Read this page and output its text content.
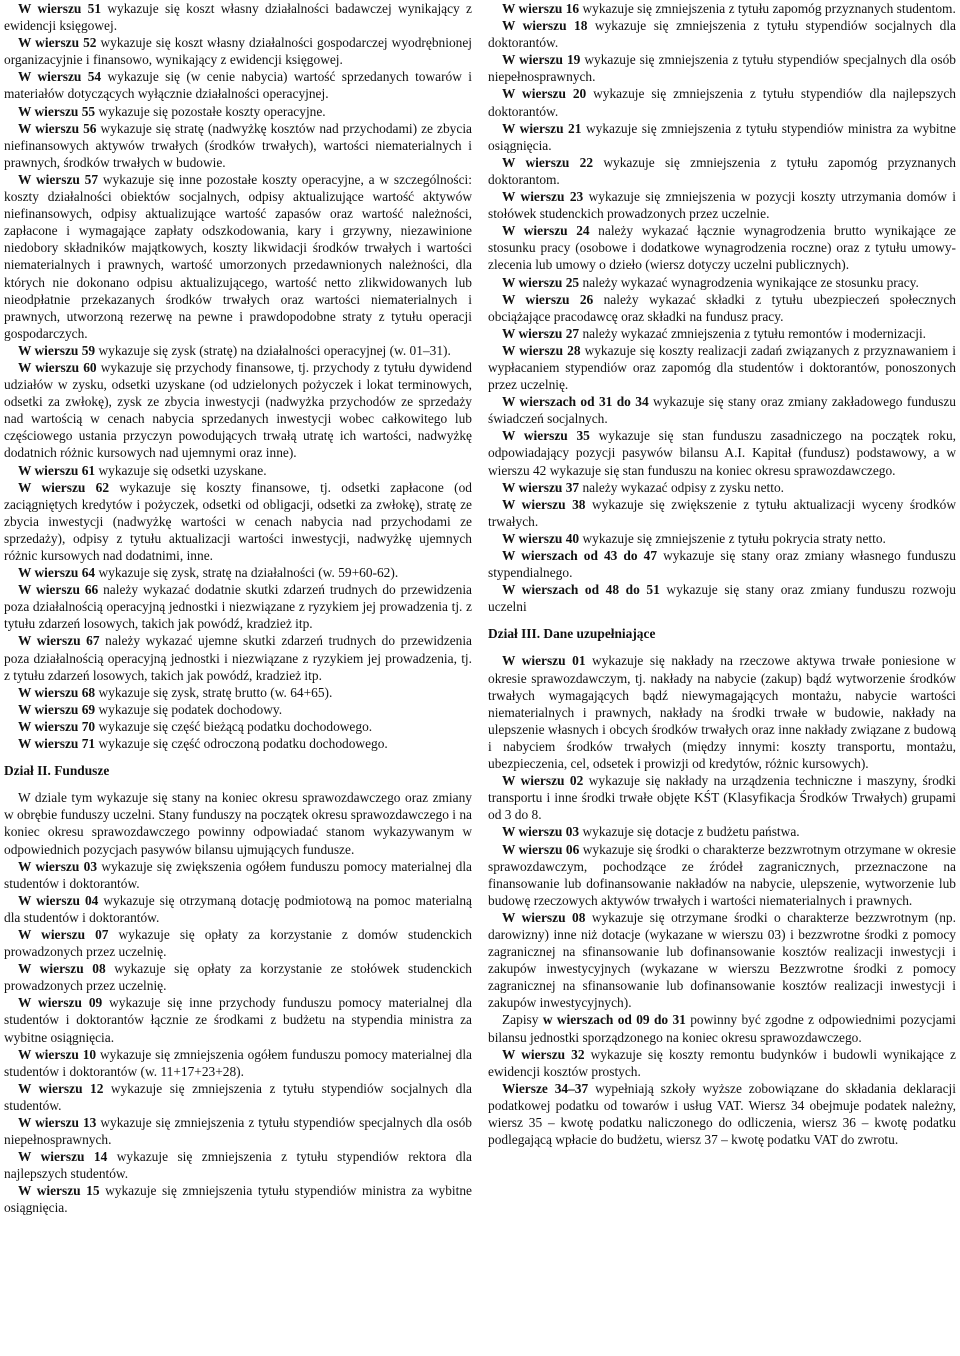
W wierszu 51 wykazuje się koszt własny działalności badawczej wynikający z ewidencji księgowej.

W wierszu 52 wykazuje się koszt własny działalności gospodarczej wyodrębnionej organizacyjnie i finansowo, wynikający z ewidencji księgowej.

W wierszu 54 wykazuje się (w cenie nabycia) wartość sprzedanych towarów i materiałów dotyczących wyłącznie działalności operacyjnej.

W wierszu 55 wykazuje się pozostałe koszty operacyjne.

W wierszu 56 wykazuje się stratę (nadwyżkę kosztów nad przychodami) ze zbycia niefinansowych aktywów trwałych (środków trwałych), wartości niematerialnych i prawnych, środków trwałych w budowie.

W wierszu 57 wykazuje się inne pozostałe koszty operacyjne, a w szczególności: koszty działalności obiektów socjalnych, odpisy aktualizujące wartość aktywów niefinansowych, odpisy aktualizujące wartość zapasów oraz wartość należności, zapłacone i wymagające zapłaty odszkodowania, kary i grzywny, niezawinione niedobory składników majątkowych, koszty likwidacji środków trwałych i wartości niematerialnych i prawnych, wartość umorzonych przedawnionych należności, dla których nie dokonano odpisu aktualizującego, wartość netto zlikwidowanych lub nieodpłatnie przekazanych środków trwałych oraz wartości niematerialnych i prawnych, utworzoną rezerwę na pewne i prawdopodobne straty z tytułu operacji gospodarczych.

W wierszu 59 wykazuje się zysk (stratę) na działalności operacyjnej (w. 01–31).

W wierszu 60 wykazuje się przychody finansowe, tj. przychody z tytułu dywidend udziałów w zysku, odsetki uzyskane (od udzielonych pożyczek i lokat terminowych, odsetki za zwłokę), zysk ze zbycia inwestycji (nadwyżka przychodów ze sprzedaży nad wartością w cenach nabycia sprzedanych inwestycji wobec całkowitego lub częściowego ustania przyczyn powodujących trwałą utratę ich wartości, nadwyżkę dodatnich różnic kursowych nad ujemnymi oraz inne).

W wierszu 61 wykazuje się odsetki uzyskane.

W wierszu 62 wykazuje się koszty finansowe, tj. odsetki zapłacone (od zaciągniętych kredytów i pożyczek, odsetki od obligacji, odsetki za zwłokę), stratę ze zbycia inwestycji (nadwyżkę wartości w cenach nabycia nad przychodami ze sprzedaży), odpisy z tytułu aktualizacji wartości inwestycji, nadwyżkę ujemnych różnic kursowych nad dodatnimi, inne.

W wierszu 64 wykazuje się zysk, stratę na działalności (w. 59+60-62).

W wierszu 66 należy wykazać dodatnie skutki zdarzeń trudnych do przewidzenia poza działalnością operacyjną jednostki i niezwiązane z ryzykiem jej prowadzenia tj. z tytułu zdarzeń losowych, takich jak powódź, kradzież itp.

W wierszu 67 należy wykazać ujemne skutki zdarzeń trudnych do przewidzenia poza działalnością operacyjną jednostki i niezwiązane z ryzykiem jej prowadzenia, tj. z tytułu zdarzeń losowych, takich jak powódź, kradzież itp.

W wierszu 68 wykazuje się zysk, stratę brutto (w. 64+65).

W wierszu 69 wykazuje się podatek dochodowy.

W wierszu 70 wykazuje się część bieżącą podatku dochodowego.

W wierszu 71 wykazuje się część odroczoną podatku dochodowego.

Dział II. Fundusze

W dziale tym wykazuje się stany na koniec okresu sprawozdawczego oraz zmiany w obrębie funduszy uczelni. Stany funduszy na początek okresu sprawozdawczego i na koniec okresu sprawozdawczego powinny odpowiadać stanom wykazywanym w odpowiednich pozycjach pasywów bilansu ujmujących fundusze.

W wierszu 03 wykazuje się zwiększenia ogółem funduszu pomocy materialnej dla studentów i doktorantów.

W wierszu 04 wykazuje się otrzymaną dotację podmiotową na pomoc materialną dla studentów i doktorantów.

W wierszu 07 wykazuje się opłaty za korzystanie z domów studenckich prowadzonych przez uczelnię.

W wierszu 08 wykazuje się opłaty za korzystanie ze stołówek studenckich prowadzonych przez uczelnię.

W wierszu 09 wykazuje się inne przychody funduszu pomocy materialnej dla studentów i doktorantów łącznie ze środkami z budżetu na stypendia ministra za wybitne osiągnięcia.

W wierszu 10 wykazuje się zmniejszenia ogółem funduszu pomocy materialnej dla studentów i doktorantów (w. 11+17+23+28).

W wierszu 12 wykazuje się zmniejszenia z tytułu stypendiów socjalnych dla studentów.

W wierszu 13 wykazuje się zmniejszenia z tytułu stypendiów specjalnych dla osób niepełnosprawnych.

W wierszu 14 wykazuje się zmniejszenia z tytułu stypendiów rektora dla najlepszych studentów.

W wierszu 15 wykazuje się zmniejszenia tytułu stypendiów ministra za wybitne osiągnięcia.

W wierszu 16 wykazuje się zmniejszenia z tytułu zapomóg przyznanych studentom.

W wierszu 18 wykazuje się zmniejszenia z tytułu stypendiów socjalnych dla doktorantów.

W wierszu 19 wykazuje się zmniejszenia z tytułu stypendiów specjalnych dla osób niepełnosprawnych.

W wierszu 20 wykazuje się zmniejszenia z tytułu stypendiów dla najlepszych doktorantów.

W wierszu 21 wykazuje się zmniejszenia z tytułu stypendiów ministra za wybitne osiągnięcia.

W wierszu 22 wykazuje się zmniejszenia z tytułu zapomóg przyznanych doktorantom.

W wierszu 23 wykazuje się zmniejszenia w pozycji koszty utrzymania domów i stołówek studenckich prowadzonych przez uczelnie.

W wierszu 24 należy wykazać łącznie wynagrodzenia brutto wynikające ze stosunku pracy (osobowe i dodatkowe wynagrodzenia roczne) oraz z tytułu umowy-zlecenia lub umowy o dzieło (wiersz dotyczy uczelni publicznych).

W wierszu 25 należy wykazać wynagrodzenia wynikające ze stosunku pracy.

W wierszu 26 należy wykazać składki z tytułu ubezpieczeń społecznych obciążające pracodawcę oraz składki na fundusz pracy.

W wierszu 27 należy wykazać zmniejszenia z tytułu remontów i modernizacji.

W wierszu 28 wykazuje się koszty realizacji zadań związanych z przyznawaniem i wypłacaniem stypendiów oraz zapomóg dla studentów i doktorantów, ponoszonych przez uczelnię.

W wierszach od 31 do 34 wykazuje się stany oraz zmiany zakładowego funduszu świadczeń socjalnych.

W wierszu 35 wykazuje się stan funduszu zasadniczego na początek roku, odpowiadający pozycji pasywów bilansu A.I. Kapitał (fundusz) podstawowy, a w wierszu 42 wykazuje się stan funduszu na koniec okresu sprawozdawczego.

W wierszu 37 należy wykazać odpisy z zysku netto.

W wierszu 38 wykazuje się zwiększenie z tytułu aktualizacji wyceny środków trwałych.

W wierszu 40 wykazuje się zmniejszenie z tytułu pokrycia straty netto.

W wierszach od 43 do 47 wykazuje się stany oraz zmiany własnego funduszu stypendialnego.

W wierszach od 48 do 51 wykazuje się stany oraz zmiany funduszu rozwoju uczelni

Dział III. Dane uzupełniające

W wierszu 01 wykazuje się nakłady na rzeczowe aktywa trwałe poniesione w okresie sprawozdawczym, tj. nakłady na nabycie (zakup) bądź wytworzenie środków trwałych wymagających bądź niewymagających montażu, nabycie wartości niematerialnych i prawnych, nakłady na środki trwałe w budowie, nakłady na ulepszenie własnych i obcych środków trwałych oraz inne nakłady związane z budową i nabyciem środków trwałych (między innymi: koszty transportu, montażu, ubezpieczenia, cel, odsetek i prowizji od kredytów, różnic kursowych).

W wierszu 02 wykazuje się nakłady na urządzenia techniczne i maszyny, środki transportu i inne środki trwałe objęte KŚT (Klasyfikacja Środków Trwałych) grupami od 3 do 8.

W wierszu 03 wykazuje się dotacje z budżetu państwa.

W wierszu 06 wykazuje się środki o charakterze bezzwrotnym otrzymane w okresie sprawozdawczym, pochodzące ze źródeł zagranicznych, przeznaczone na finansowanie lub dofinansowanie nakładów na nabycie, ulepszenie, wytworzenie lub budowę rzeczowych aktywów trwałych i wartości niematerialnych i prawnych.

W wierszu 08 wykazuje się otrzymane środki o charakterze bezzwrotnym (np. darowizny) inne niż dotacje (wykazane w wierszu 03) i bezzwrotne środki z pomocy zagranicznej na sfinansowanie lub dofinansowanie kosztów realizacji inwestycji i zakupów inwestycyjnych (wykazane w wierszu Bezzwrotne środki z pomocy zagranicznej na sfinansowanie lub dofinansowanie kosztów realizacji inwestycji i zakupów inwestycyjnych).

Zapisy w wierszach od 09 do 31 powinny być zgodne z odpowiednimi pozycjami bilansu jednostki sporządzonego na koniec okresu sprawozdawczego.

W wierszu 32 wykazuje się koszty remontu budynków i budowli wynikające z ewidencji kosztów prostych.

Wiersze 34–37 wypełniają szkoły wyższe zobowiązane do składania deklaracji podatkowej podatku od towarów i usług VAT. Wiersz 34 obejmuje podatek należny, wiersz 35 – kwotę podatku naliczonego do odliczenia, wiersz 36 – kwotę podatku podlegającą wpłacie do budżetu, wiersz 37 – kwotę podatku VAT do zwrotu.
